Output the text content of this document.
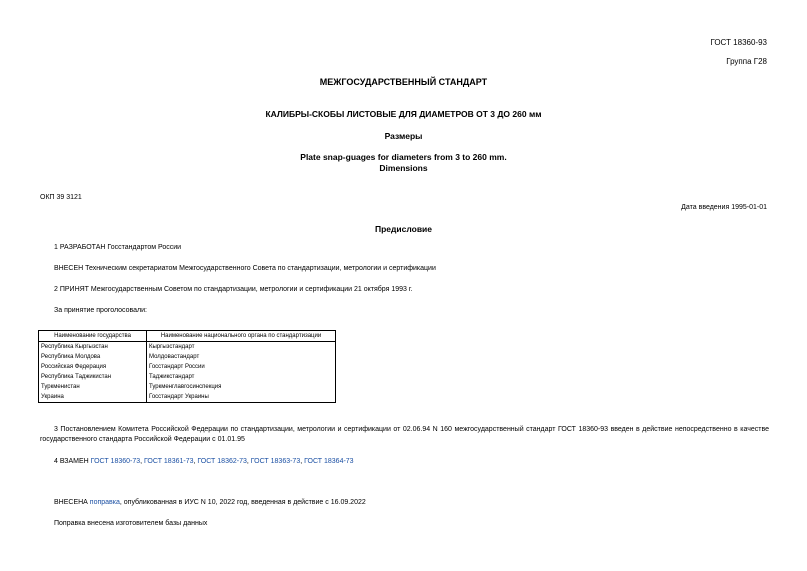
ГОСТ 18360-93
Группа Г28
МЕЖГОСУДАРСТВЕННЫЙ СТАНДАРТ
КАЛИБРЫ-СКОБЫ ЛИСТОВЫЕ ДЛЯ ДИАМЕТРОВ ОТ 3 ДО 260 мм
Размеры
Plate snap-guages for diameters from 3 to 260 mm.
Dimensions
ОКП 39 3121
Дата введения 1995-01-01
Предисловие
1 РАЗРАБОТАН Госстандартом России
ВНЕСЕН Техническим секретариатом Межгосударственного Совета по стандартизации, метрологии и сертификации
2 ПРИНЯТ Межгосударственным Советом по стандартизации, метрологии и сертификации 21 октября 1993 г.
За принятие проголосовали:
Наименование государства	Наименование национального органа по стандартизации
Республика Кыргызстан	Кыргызстандарт
Республика Молдова	Молдовастандарт
Российская Федерация	Госстандарт России
Республика Таджикистан	Таджикстандарт
Туркменистан	Туркменглавгосинспекция
Украина	Госстандарт Украины
3 Постановлением Комитета Российской Федерации по стандартизации, метрологии и сертификации от 02.06.94 N 160 межгосударственный стандарт ГОСТ 18360-93 введен в действие непосредственно в качестве государственного стандарта Российской Федерации с 01.01.95
4 ВЗАМЕН ГОСТ 18360-73, ГОСТ 18361-73, ГОСТ 18362-73, ГОСТ 18363-73, ГОСТ 18364-73
ВНЕСЕНА поправка, опубликованная в ИУС N 10, 2022 год, введенная в действие с 16.09.2022
Поправка внесена изготовителем базы данных
